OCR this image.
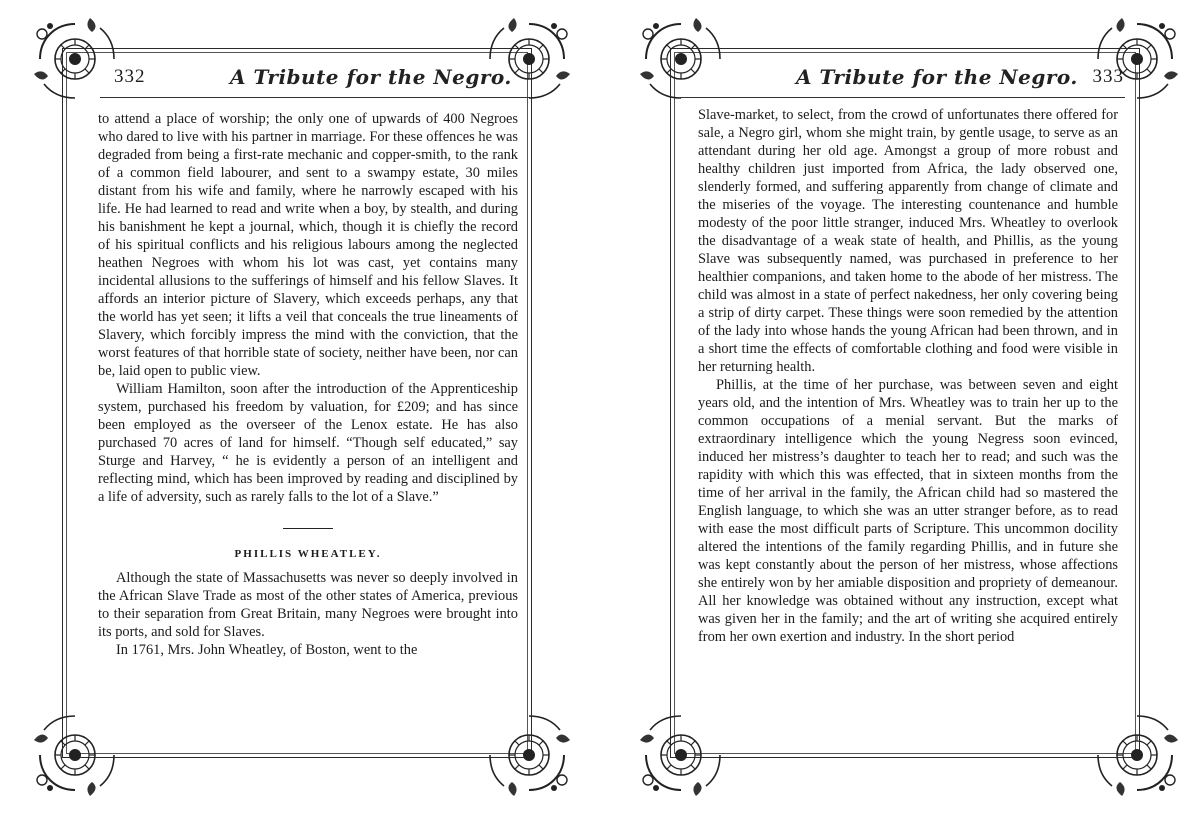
332	A Tribute for the Negro.

to attend a place of worship; the only one of upwards of 400 Negroes who dared to live with his partner in marriage. For these offences he was degraded from being a first-rate mechanic and copper-smith, to the rank of a common field labourer, and sent to a swampy estate, 30 miles distant from his wife and family, where he narrowly escaped with his life. He had learned to read and write when a boy, by stealth, and during his banishment he kept a journal, which, though it is chiefly the record of his spiritual conflicts and his religious labours among the neglected heathen Negroes with whom his lot was cast, yet contains many incidental allusions to the sufferings of himself and his fellow Slaves. It affords an interior picture of Slavery, which exceeds perhaps, any that the world has yet seen; it lifts a veil that conceals the true lineaments of Slavery, which forcibly impress the mind with the conviction, that the worst features of that horrible state of society, neither have been, nor can be, laid open to public view.

William Hamilton, soon after the introduction of the Apprenticeship system, purchased his freedom by valuation, for £209; and has since been employed as the overseer of the Lenox estate. He has also purchased 70 acres of land for himself. “Though self educated,” say Sturge and Harvey, “ he is evidently a person of an intelligent and reflecting mind, which has been improved by reading and disciplined by a life of adversity, such as rarely falls to the lot of a Slave.”

PHILLIS WHEATLEY.

Although the state of Massachusetts was never so deeply involved in the African Slave Trade as most of the other states of America, previous to their separation from Great Britain, many Negroes were brought into its ports, and sold for Slaves.

In 1761, Mrs. John Wheatley, of Boston, went to the

A Tribute for the Negro. 333

Slave-market, to select, from the crowd of unfortunates there offered for sale, a Negro girl, whom she might train, by gentle usage, to serve as an attendant during her old age. Amongst a group of more robust and healthy children just imported from Africa, the lady observed one, slenderly formed, and suffering apparently from change of climate and the miseries of the voyage. The interesting countenance and humble modesty of the poor little stranger, induced Mrs. Wheatley to overlook the disadvantage of a weak state of health, and Phillis, as the young Slave was subsequently named, was purchased in preference to her healthier companions, and taken home to the abode of her mistress. The child was almost in a state of perfect nakedness, her only covering being a strip of dirty carpet. These things were soon remedied by the attention of the lady into whose hands the young African had been thrown, and in a short time the effects of comfortable clothing and food were visible in her returning health.

Phillis, at the time of her purchase, was between seven and eight years old, and the intention of Mrs. Wheatley was to train her up to the common occupations of a menial servant. But the marks of extraordinary intelligence which the young Negress soon evinced, induced her mistress’s daughter to teach her to read; and such was the rapidity with which this was effected, that in sixteen months from the time of her arrival in the family, the African child had so mastered the English language, to which she was an utter stranger before, as to read with ease the most difficult parts of Scripture. This uncommon docility altered the intentions of the family regarding Phillis, and in future she was kept constantly about the person of her mistress, whose affections she entirely won by her amiable disposition and propriety of demeanour. All her knowledge was obtained without any instruction, except what was given her in the family; and the art of writing she acquired entirely from her own exertion and industry. In the short period
